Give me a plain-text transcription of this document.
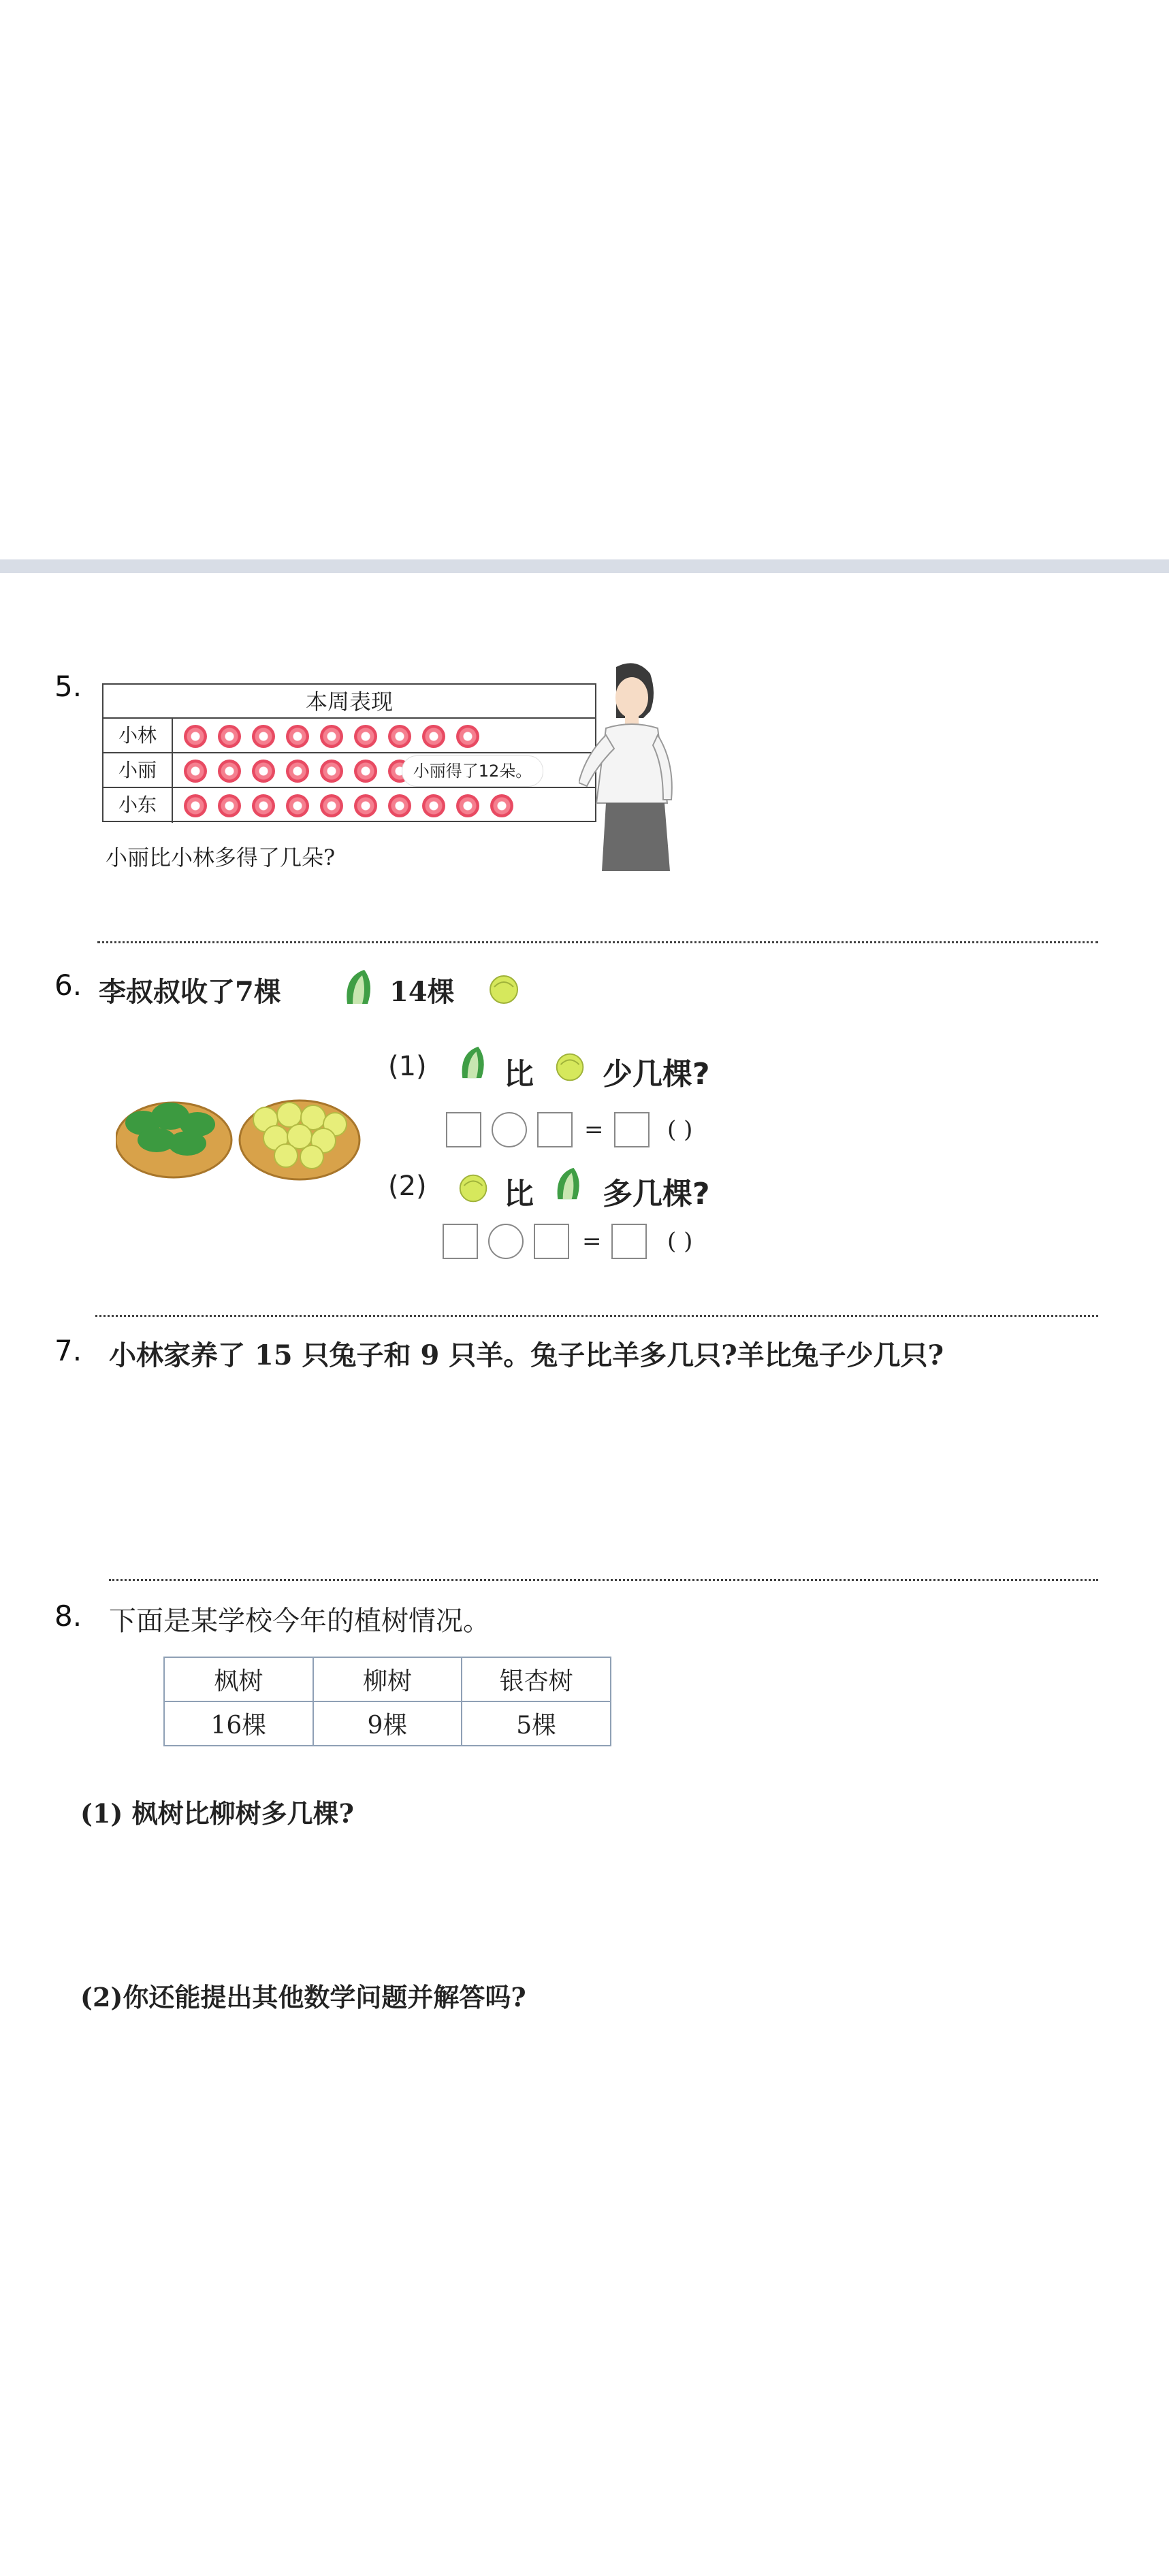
5.	本周表现
小林
小丽
小东
小丽得了12朵。
小丽比小林多得了几朵?
6. 李叔叔收了7棵	14棵
(1)	比 少几棵?
=	( )
(2)	比 多几棵?
=	( )
7. 小林家养了 15 只兔子和 9 只羊。兔子比羊多几只?羊比兔子少几只?
8. 下面是某学校今年的植树情况。
枫树	柳树	银杏树
16棵	9棵	5棵
(1) 枫树比柳树多几棵?
(2)你还能提出其他数学问题并解答吗?
